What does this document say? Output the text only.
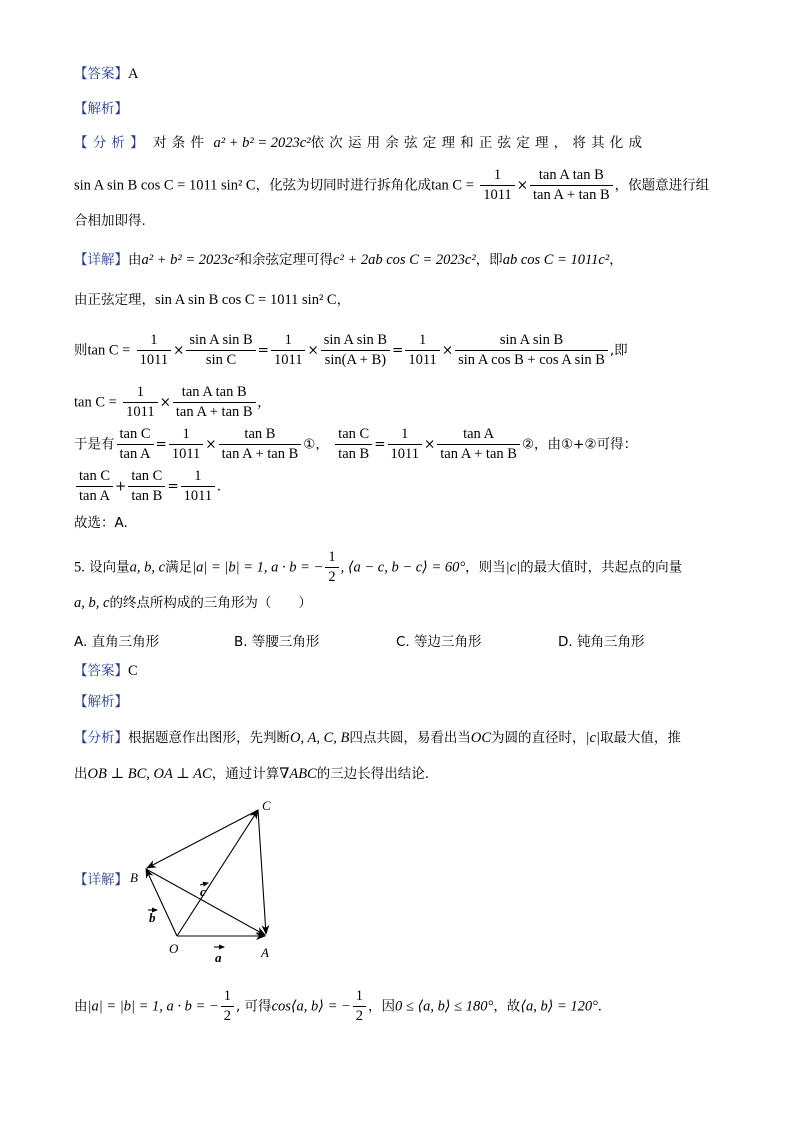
【答案】A
【解析】
【分析】 对条件 a² + b² = 2023c²依次运用余弦定理和正弦定理，将其化成
sin A sin B cos C = 1011 sin² C，化弦为切同时进行拆角化成$\tan C = \frac{1}{1011} \times \frac{\text{tan A tan B}}{\text{tan A + tan B}}$ ，依题意进行组
合相加即得.
【详解】由a² + b² = 2023c²和余弦定理可得c² + 2ab cos C = 2023c²，即ab cos C = 1011c²，
由正弦定理，sin A sin B cos C = 1011 sin² C，
则$\tan C = \frac{1}{1011} \times \frac{\text{sin A sin B}}{\text{sin C}} = \frac{1}{1011} \times \frac{\text{sin A sin B}}{\sin(A + B)} = \frac{1}{1011} \times \frac{\text{sin A sin B}}{\text{sin A cos B + cos A sin B}}$ ,即
$\tan C = \frac{1}{1011} \times \frac{\text{tan A tan B}}{\text{tan A + tan B}}$ ,
于是有 $\frac{\text{tan C}}{\text{tan A}} = \frac{1}{1011} \times \frac{\text{tan B}}{\text{tan A + tan B}}$ ①， $\frac{\text{tan C}}{\text{tan B}} = \frac{1}{1011} \times \frac{\text{tan A}}{\text{tan A + tan B}}$ ②，由①+②可得：
$\frac{\text{tan C}}{\text{tan A}} + \frac{\text{tan C}}{\text{tan B}} = \frac{1}{1011}$ .
故选：A.
5. 设向量a, b, c满足|a| = |b| = 1, a · b = − $\frac{1}{2}$ , ⟨a − c, b − c⟩ = 60°，则当|c|的最大值时，共起点的向量
a, b, c的终点所构成的三角形为（　　）
A. 直角三角形	B. 等腰三角形	C. 等边三角形	D. 钝角三角形
【答案】C
【解析】
【分析】根据题意作出图形，先判断O, A, C, B四点共圆，易看出当OC为圆的直径时，|c|取最大值，推
出OB ⊥ BC, OA ⊥ AC，通过计算∇ABC的三边长得出结论.
【详解】
C
B
O	A
b
c
a
由|a| = |b| = 1, a · b = − $\frac{1}{2}$ , 可得cos⟨a, b⟩ = − $\frac{1}{2}$ ，因0 ≤ ⟨a, b⟩ ≤ 180°，故⟨a, b⟩ = 120°.
